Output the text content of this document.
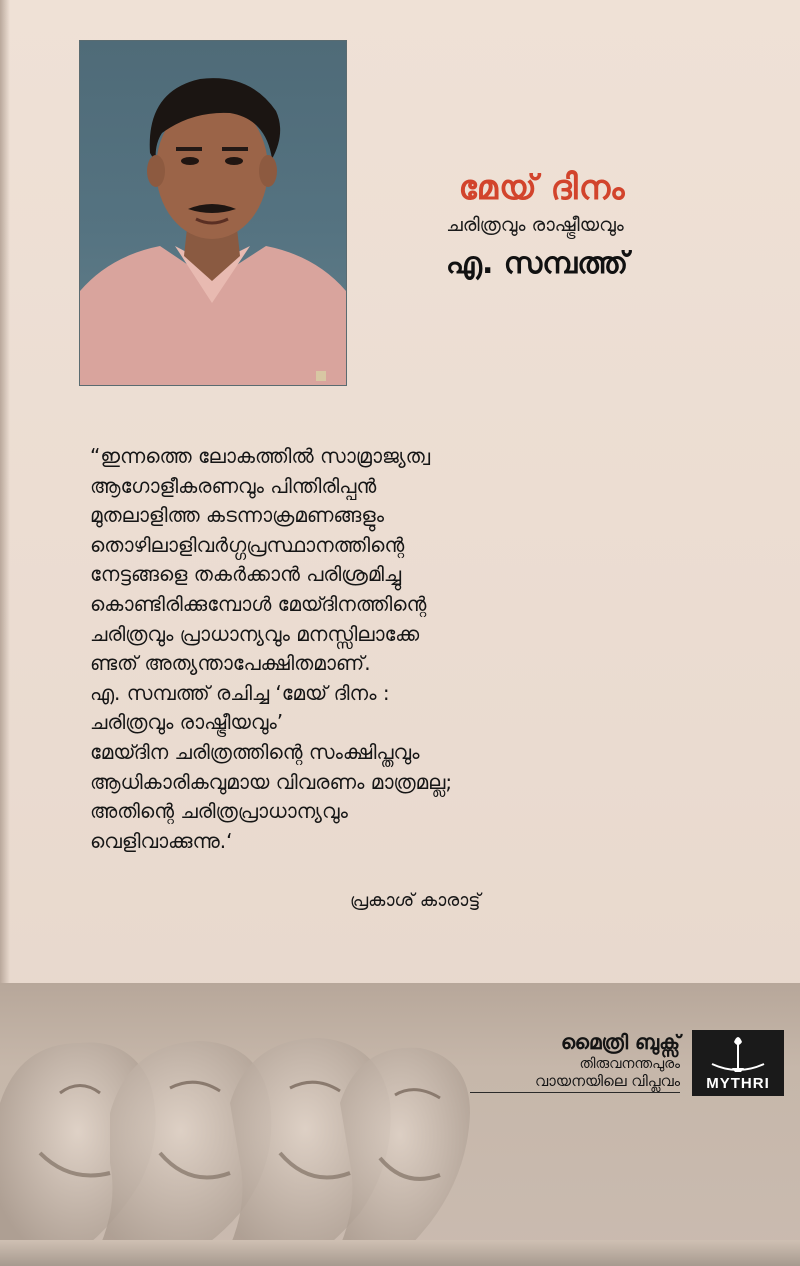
മേയ് ദിനം
ചരിത്രവും രാഷ്ട്രീയവും
എ. സമ്പത്ത്
“ഇന്നത്തെ ലോകത്തിൽ സാമ്രാജ്യത്വ
ആഗോളീകരണവും പിന്തിരിപ്പൻ
മുതലാളിത്ത കടന്നാക്രമണങ്ങളും
തൊഴിലാളിവർഗ്ഗപ്രസ്ഥാനത്തിന്റെ
നേട്ടങ്ങളെ തകർക്കാൻ പരിശ്രമിച്ചു
കൊണ്ടിരിക്കുമ്പോൾ മേയ്ദിനത്തിന്റെ
ചരിത്രവും പ്രാധാന്യവും മനസ്സിലാക്കേ
ണ്ടത് അത്യന്താപേക്ഷിതമാണ്.
എ. സമ്പത്ത് രചിച്ച ‘മേയ് ദിനം :
ചരിത്രവും രാഷ്ട്രീയവും’
മേയ്ദിന ചരിത്രത്തിന്റെ സംക്ഷിപ്തവും
ആധികാരികവുമായ വിവരണം മാത്രമല്ല;
അതിന്റെ ചരിത്രപ്രാധാന്യവും
വെളിവാക്കുന്നു.‘
പ്രകാശ് കാരാട്ട്
മൈത്രി ബുക്സ്
തിരുവനന്തപുരം
വായനയിലെ വിപ്ലവം	MYTHRI
